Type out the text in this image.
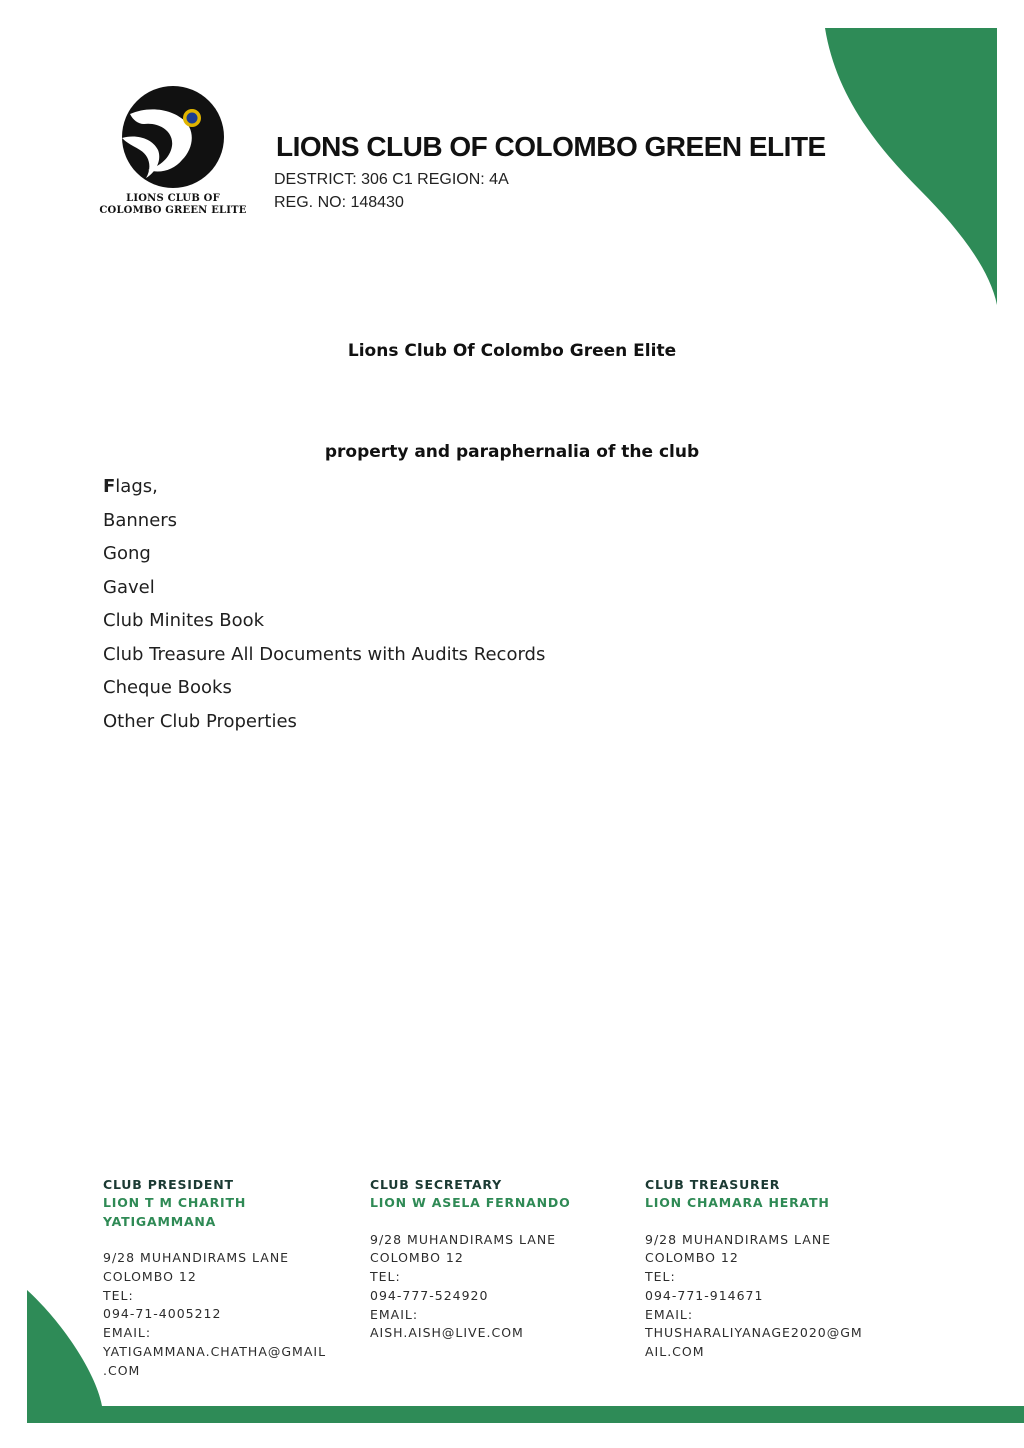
LIONS CLUB OF
COLOMBO GREEN ELITE
LIONS CLUB OF COLOMBO GREEN ELITE
DESTRICT: 306 C1 REGION: 4A
REG. NO: 148430
Lions Club Of Colombo Green Elite
property and paraphernalia of the club
Flags,
Banners
Gong
Gavel
Club Minites Book
Club Treasure All Documents with Audits Records
Cheque Books
Other Club Properties
CLUB PRESIDENT
LION T M CHARITH
YATIGAMMANA
9/28 MUHANDIRAMS LANE
COLOMBO 12
TEL:
094-71-4005212
EMAIL:
YATIGAMMANA.CHATHA@GMAIL
.COM
CLUB SECRETARY
LION W ASELA FERNANDO
9/28 MUHANDIRAMS LANE
COLOMBO 12
TEL:
094-777-524920
EMAIL:
AISH.AISH@LIVE.COM
CLUB TREASURER
LION CHAMARA HERATH
9/28 MUHANDIRAMS LANE
COLOMBO 12
TEL:
094-771-914671
EMAIL:
THUSHARALIYANAGE2020@GM
AIL.COM
